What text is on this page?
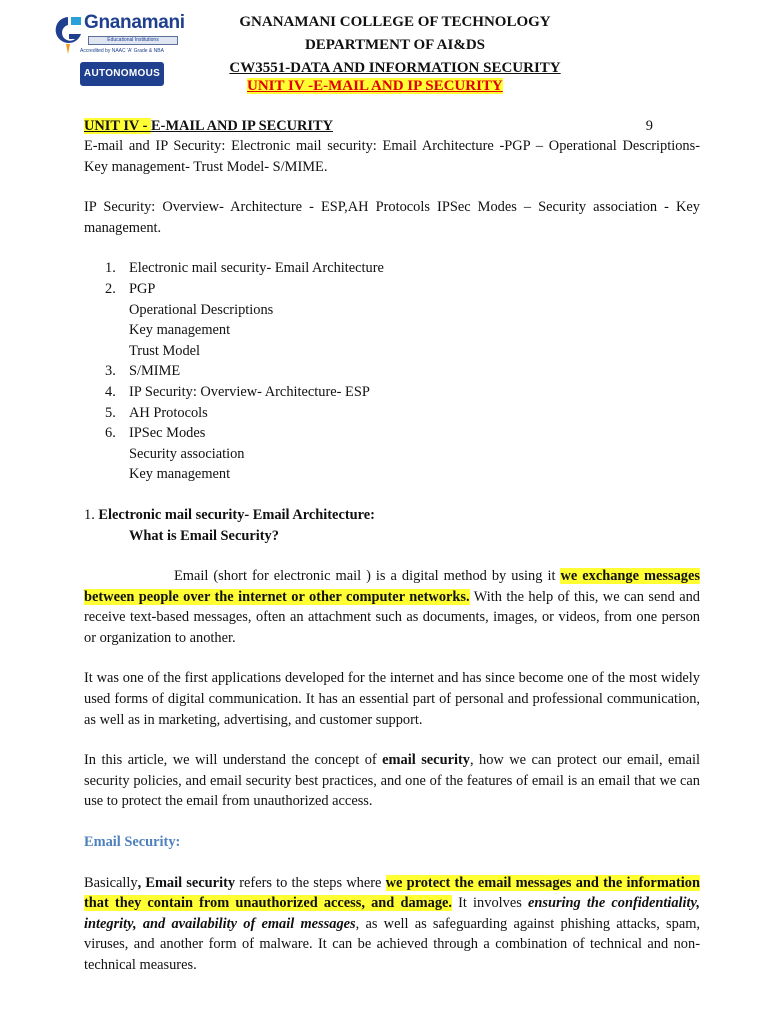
Gnanamani
Educational Institutions
Accredited by NAAC 'A' Grade & NBA
AUTONOMOUS
GNANAMANI COLLEGE OF TECHNOLOGY
DEPARTMENT OF AI&DS
CW3551-DATA AND INFORMATION SECURITY
UNIT IV -E-MAIL AND IP SECURITY
UNIT IV - E-MAIL AND IP SECURITY	9

E-mail and IP Security: Electronic mail security: Email Architecture -PGP – Operational Descriptions- Key management- Trust Model- S/MIME.

IP Security: Overview- Architecture - ESP,AH Protocols IPSec Modes – Security association - Key management.

1. Electronic mail security- Email Architecture
2. PGP
Operational Descriptions
Key management
Trust Model
3. S/MIME
4. IP Security: Overview- Architecture- ESP
5. AH Protocols
6. IPSec Modes
Security association
Key management

1. Electronic mail security- Email Architecture:

What is Email Security?

Email (short for electronic mail ) is a digital method by using it we exchange messages between people over the internet or other computer networks. With the help of this, we can send and receive text-based messages, often an attachment such as documents, images, or videos, from one person or organization to another.

It was one of the first applications developed for the internet and has since become one of the most widely used forms of digital communication. It has an essential part of personal and professional communication, as well as in marketing, advertising, and customer support.

In this article, we will understand the concept of email security, how we can protect our email, email security policies, and email security best practices, and one of the features of email is an email that we can use to protect the email from unauthorized access.

Email Security:

Basically, Email security refers to the steps where we protect the email messages and the information that they contain from unauthorized access, and damage. It involves ensuring the confidentiality, integrity, and availability of email messages, as well as safeguarding against phishing attacks, spam, viruses, and another form of malware. It can be achieved through a combination of technical and non-technical measures.
